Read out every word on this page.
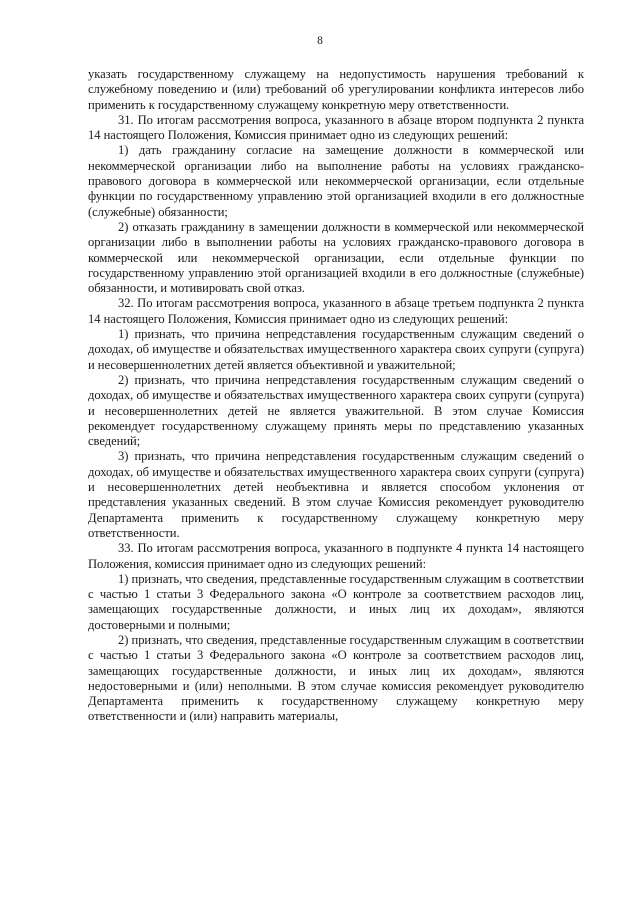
8

указать государственному служащему на недопустимость нарушения требований к служебному поведению и (или) требований об урегулировании конфликта интересов либо применить к государственному служащему конкретную меру ответственности.

31. По итогам рассмотрения вопроса, указанного в абзаце втором подпункта 2 пункта 14 настоящего Положения, Комиссия принимает одно из следующих решений:

1) дать гражданину согласие на замещение должности в коммерческой или некоммерческой организации либо на выполнение работы на условиях гражданско-правового договора в коммерческой или некоммерческой организации, если отдельные функции по государственному управлению этой организацией входили в его должностные (служебные) обязанности;

2) отказать гражданину в замещении должности в коммерческой или некоммерческой организации либо в выполнении работы на условиях гражданско-правового договора в коммерческой или некоммерческой организации, если отдельные функции по государственному управлению этой организацией входили в его должностные (служебные) обязанности, и мотивировать свой отказ.

32. По итогам рассмотрения вопроса, указанного в абзаце третьем подпункта 2 пункта 14 настоящего Положения, Комиссия принимает одно из следующих решений:

1) признать, что причина непредставления государственным служащим сведений о доходах, об имуществе и обязательствах имущественного характера своих супруги (супруга) и несовершеннолетних детей является объективной и уважительной;

2) признать, что причина непредставления государственным служащим сведений о доходах, об имуществе и обязательствах имущественного характера своих супруги (супруга) и несовершеннолетних детей не является уважительной. В этом случае Комиссия рекомендует государственному служащему принять меры по представлению указанных сведений;

3) признать, что причина непредставления государственным служащим сведений о доходах, об имуществе и обязательствах имущественного характера своих супруги (супруга) и несовершеннолетних детей необъективна и является способом уклонения от представления указанных сведений. В этом случае Комиссия рекомендует руководителю Департамента применить к государственному служащему конкретную меру ответственности.

33. По итогам рассмотрения вопроса, указанного в подпункте 4 пункта 14 настоящего Положения, комиссия принимает одно из следующих решений:

1) признать, что сведения, представленные государственным служащим в соответствии с частью 1 статьи 3 Федерального закона «О контроле за соответствием расходов лиц, замещающих государственные должности, и иных лиц их доходам», являются достоверными и полными;

2) признать, что сведения, представленные государственным служащим в соответствии с частью 1 статьи 3 Федерального закона «О контроле за соответствием расходов лиц, замещающих государственные должности, и иных лиц их доходам», являются недостоверными и (или) неполными. В этом случае комиссия рекомендует руководителю Департамента применить к государственному служащему конкретную меру ответственности и (или) направить материалы,
